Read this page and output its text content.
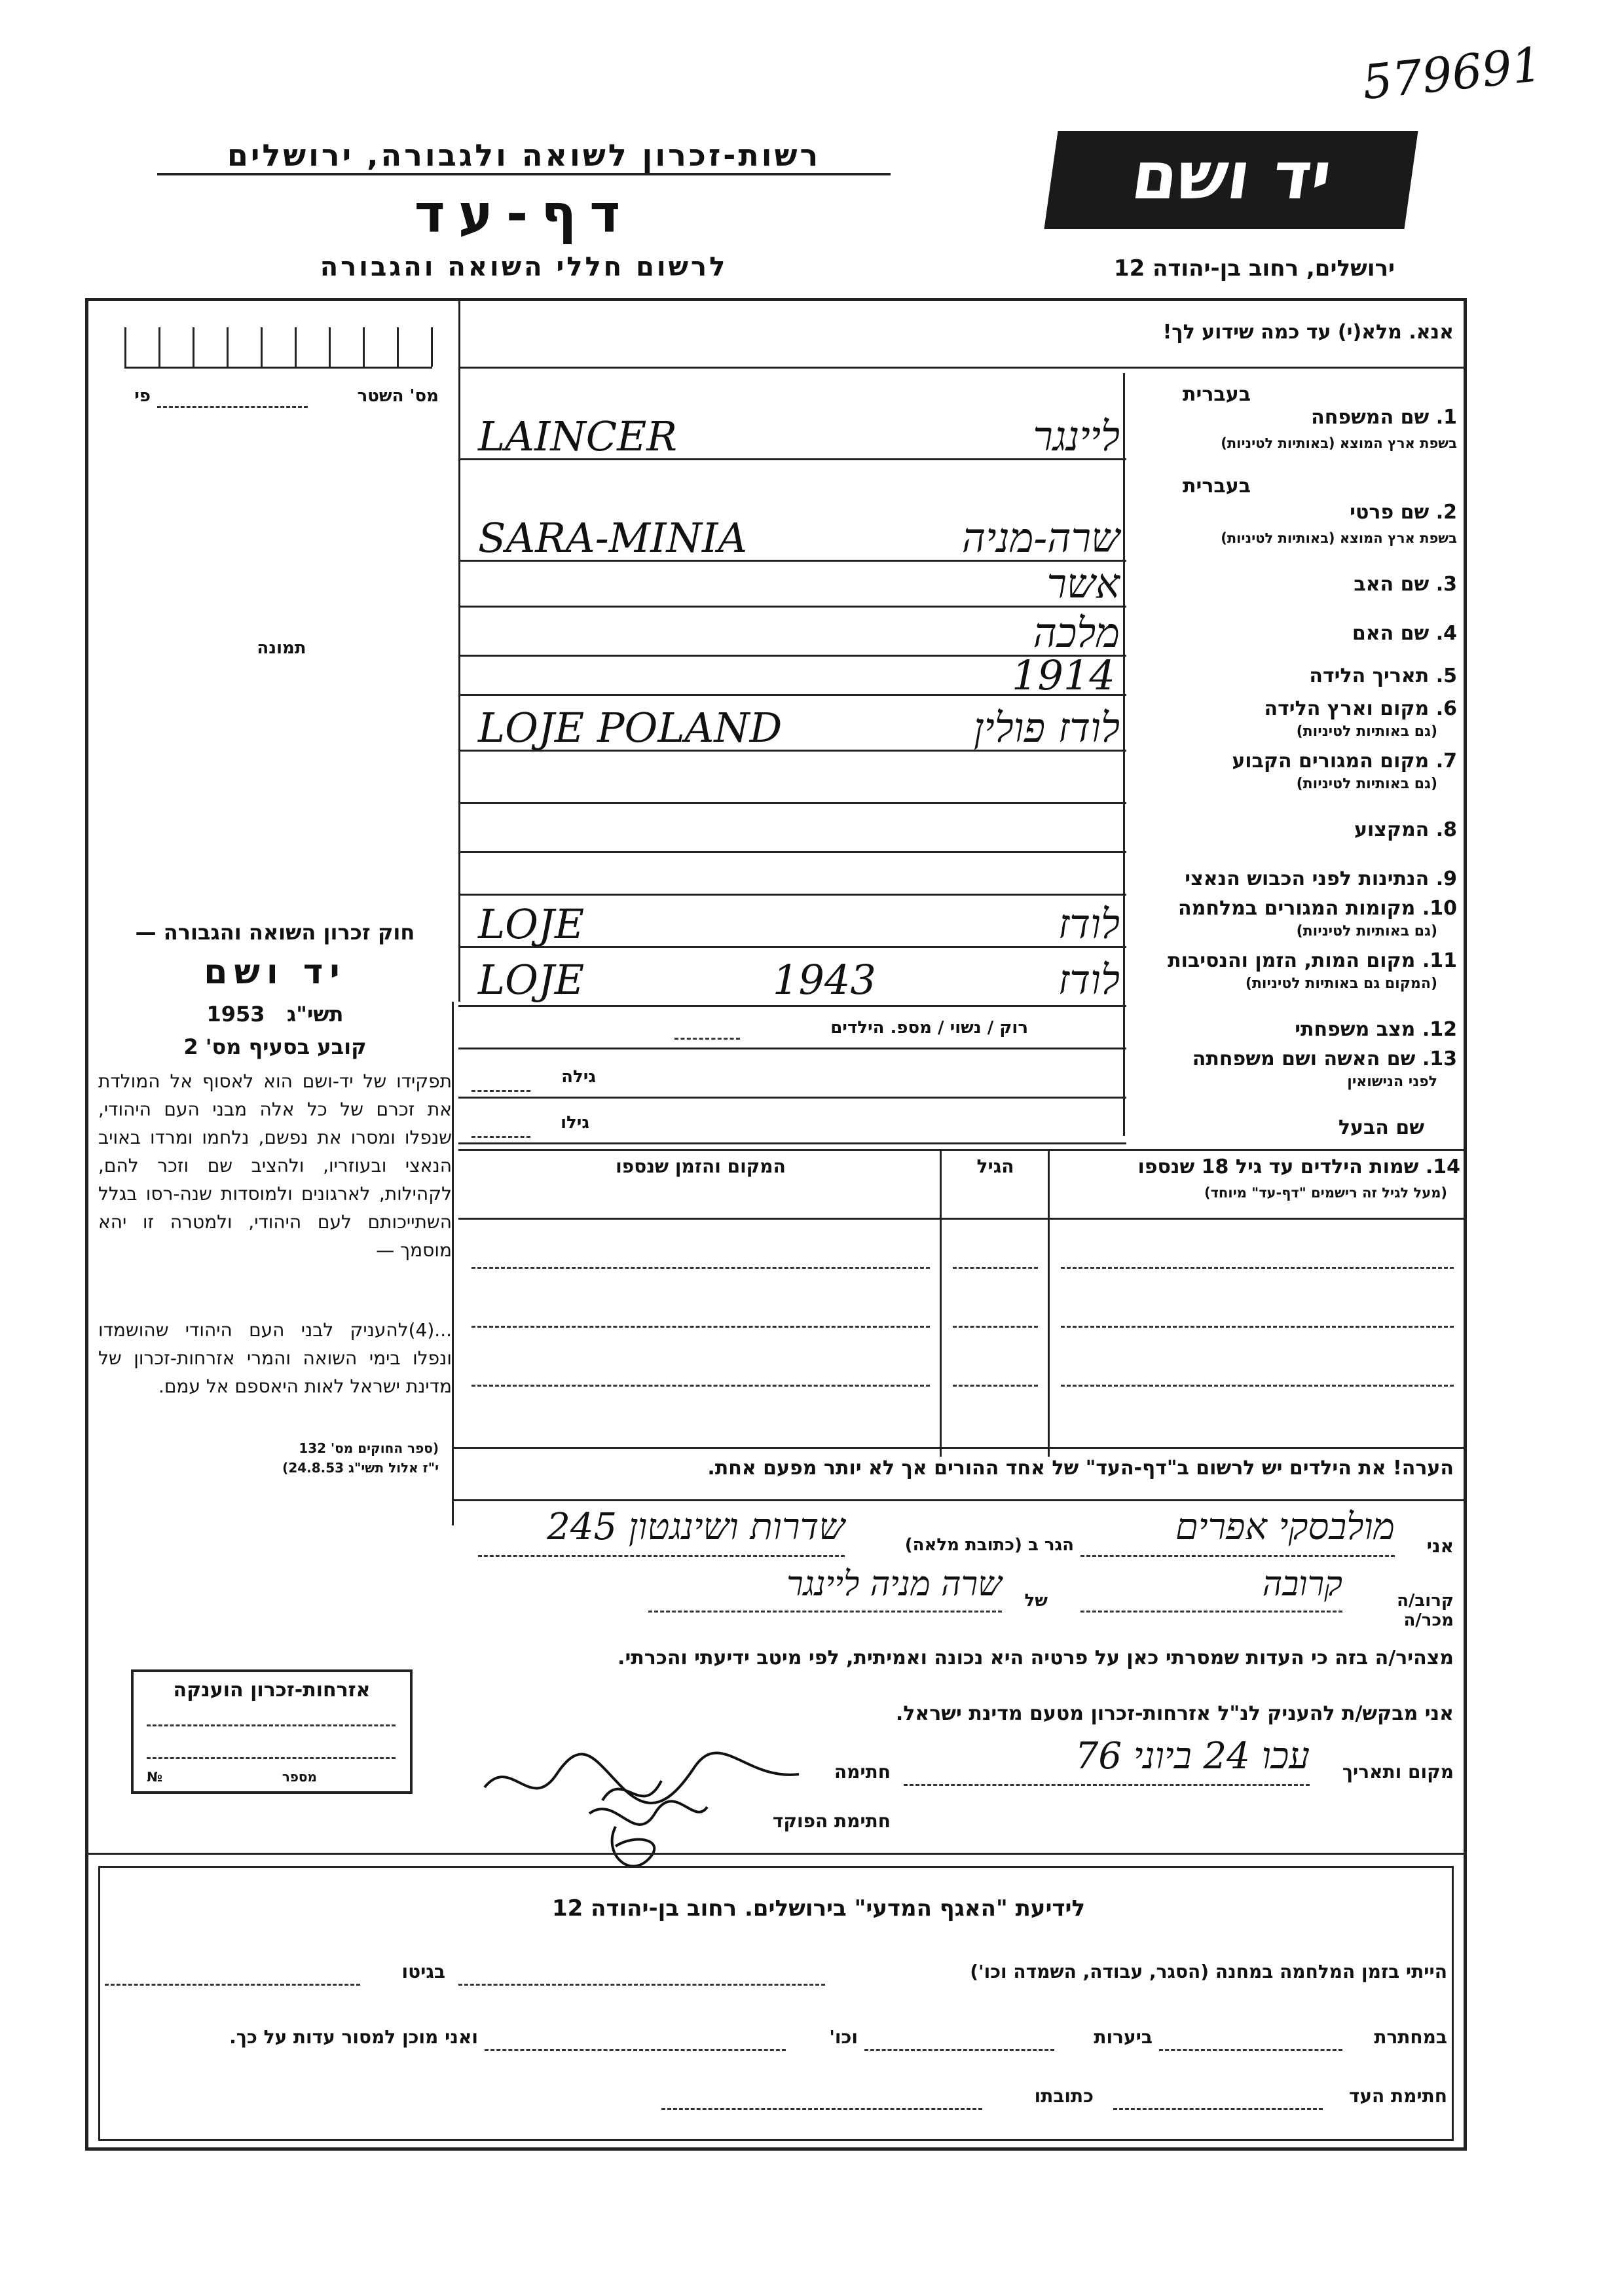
579691
יד ושם
רשות-זכרון לשואה ולגבורה, ירושלים
דף-עד
לרשום חללי השואה והגבורה	ירושלים, רחוב בן-יהודה 12
מס' השטר
פי
תמונה
חוק זכרון השואה והגבורה —
יד ושם
תשי"ג   1953
קובע בסעיף מס' 2
תפקידו של יד-ושם הוא לאסוף אל המולדת את זכרם של כל אלה מבני העם היהודי, שנפלו ומסרו את נפשם, נלחמו ומרדו באויב הנאצי ובעוזריו, ולהציב שם וזכר להם, לקהילות, לארגונים ולמוסדות שנה-רסו בגלל השתייכותם לעם היהודי, ולמטרה זו יהא מוסמך —
...(4)להעניק לבני העם היהודי שהושמדו ונפלו בימי השואה והמרי אזרחות-זכרון של מדינת ישראל לאות היאספם אל עמם.
(ספר החוקים מס' 132
י"ז אלול תשי"ג 24.8.53)
אזרחות-זכרון הוענקה
№	מספר
אנא. מלא(י) עד כמה שידוע לך!
בעברית
1. שם המשפחה
בשפת ארץ המוצא (באותיות לטיניות)
LAINCER	ליינגר
בעברית
2. שם פרטי
בשפת ארץ המוצא (באותיות לטיניות)
SARA-MINIA	שרה-מניה
3. שם האב
אשר
4. שם האם
מלכה
5. תאריך הלידה
1914
6. מקום וארץ הלידה
(גם באותיות לטיניות)
LOJE POLAND	לודז פולין
7. מקום המגורים הקבוע
(גם באותיות לטיניות)
8. המקצוע
9. הנתינות לפני הכבוש הנאצי
10. מקומות המגורים במלחמה
(גם באותיות לטיניות)
LOJE	לודז
11. מקום המות, הזמן והנסיבות
(המקום גם באותיות לטיניות)
LOJE	1943	לודז
12. מצב משפחתי
רוק / נשוי / מספ. הילדים
13. שם האשה ושם משפחתה
לפני הנישואין
גילה
שם הבעל
גילו
14. שמות הילדים עד גיל 18 שנספו
(מעל לגיל זה רישמים "דף-עד" מיוחד)
הגיל
המקום והזמן שנספו
הערה! את הילדים יש לרשום ב"דף-העד" של אחד ההורים אך לא יותר מפעם אחת.
אני
מולבסקי אפרים
הגר ב (כתובת מלאה)
שדרות ושינגטון 245
קרוב/ה מכר/ה
קרובה
של
שרה מניה ליינגר
מצהיר/ה בזה כי העדות שמסרתי כאן על פרטיה היא נכונה ואמיתית, לפי מיטב ידיעתי והכרתי.
אני מבקש/ת להעניק לנ"ל אזרחות-זכרון מטעם מדינת ישראל.
מקום ותאריך
עכו 24 ביוני 76
חתימה
חתימת הפוקד
לידיעת "האגף המדעי" בירושלים. רחוב בן-יהודה 12
הייתי בזמן המלחמה במחנה (הסגר, עבודה, השמדה וכו')
בגיטו
במחתרת
ביערות
וכו'
ואני מוכן למסור עדות על כך.
חתימת העד
כתובתו
